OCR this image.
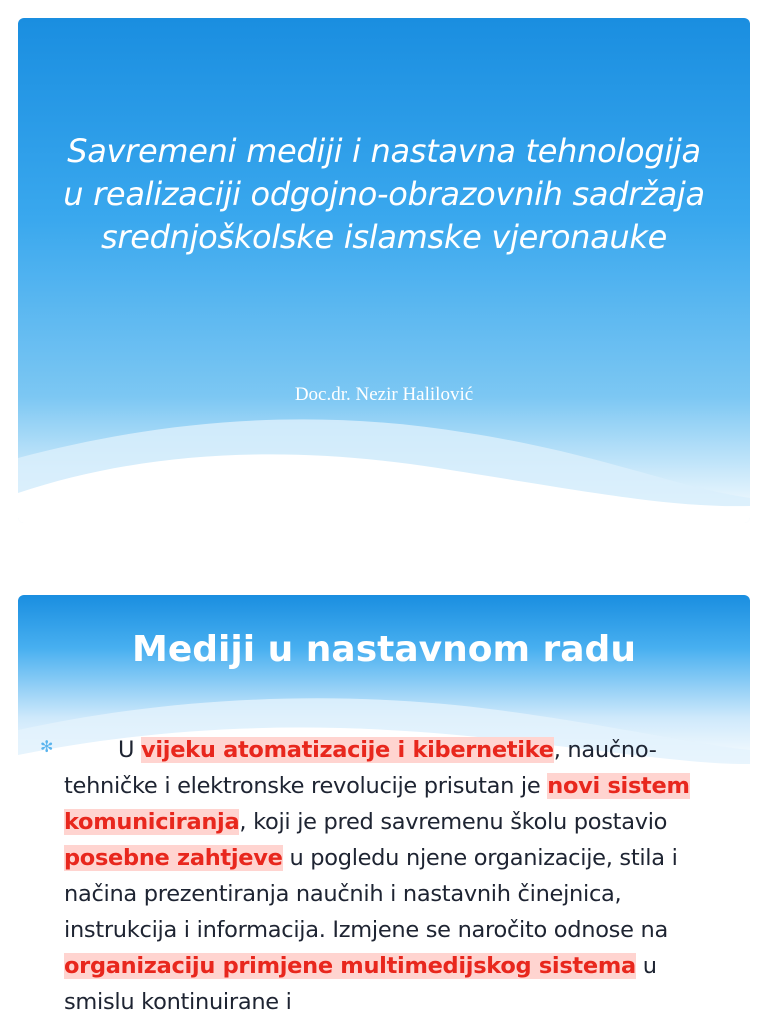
Savremeni mediji i nastavna tehnologija
u realizaciji odgojno-obrazovnih sadržaja
srednjoškolske islamske vjeronauke
Doc.dr. Nezir Halilović
Mediji u nastavnom radu
✻	U vijeku atomatizacije i kibernetike, naučno-tehničke i elektronske revolucije prisutan je novi sistem komuniciranja, koji je pred savremenu školu postavio posebne zahtjeve u pogledu njene organizacije, stila i načina prezentiranja naučnih i nastavnih činejnica, instrukcija i informacija. Izmjene se naročito odnose na organizaciju primjene multimedijskog sistema u smislu kontinuirane i
